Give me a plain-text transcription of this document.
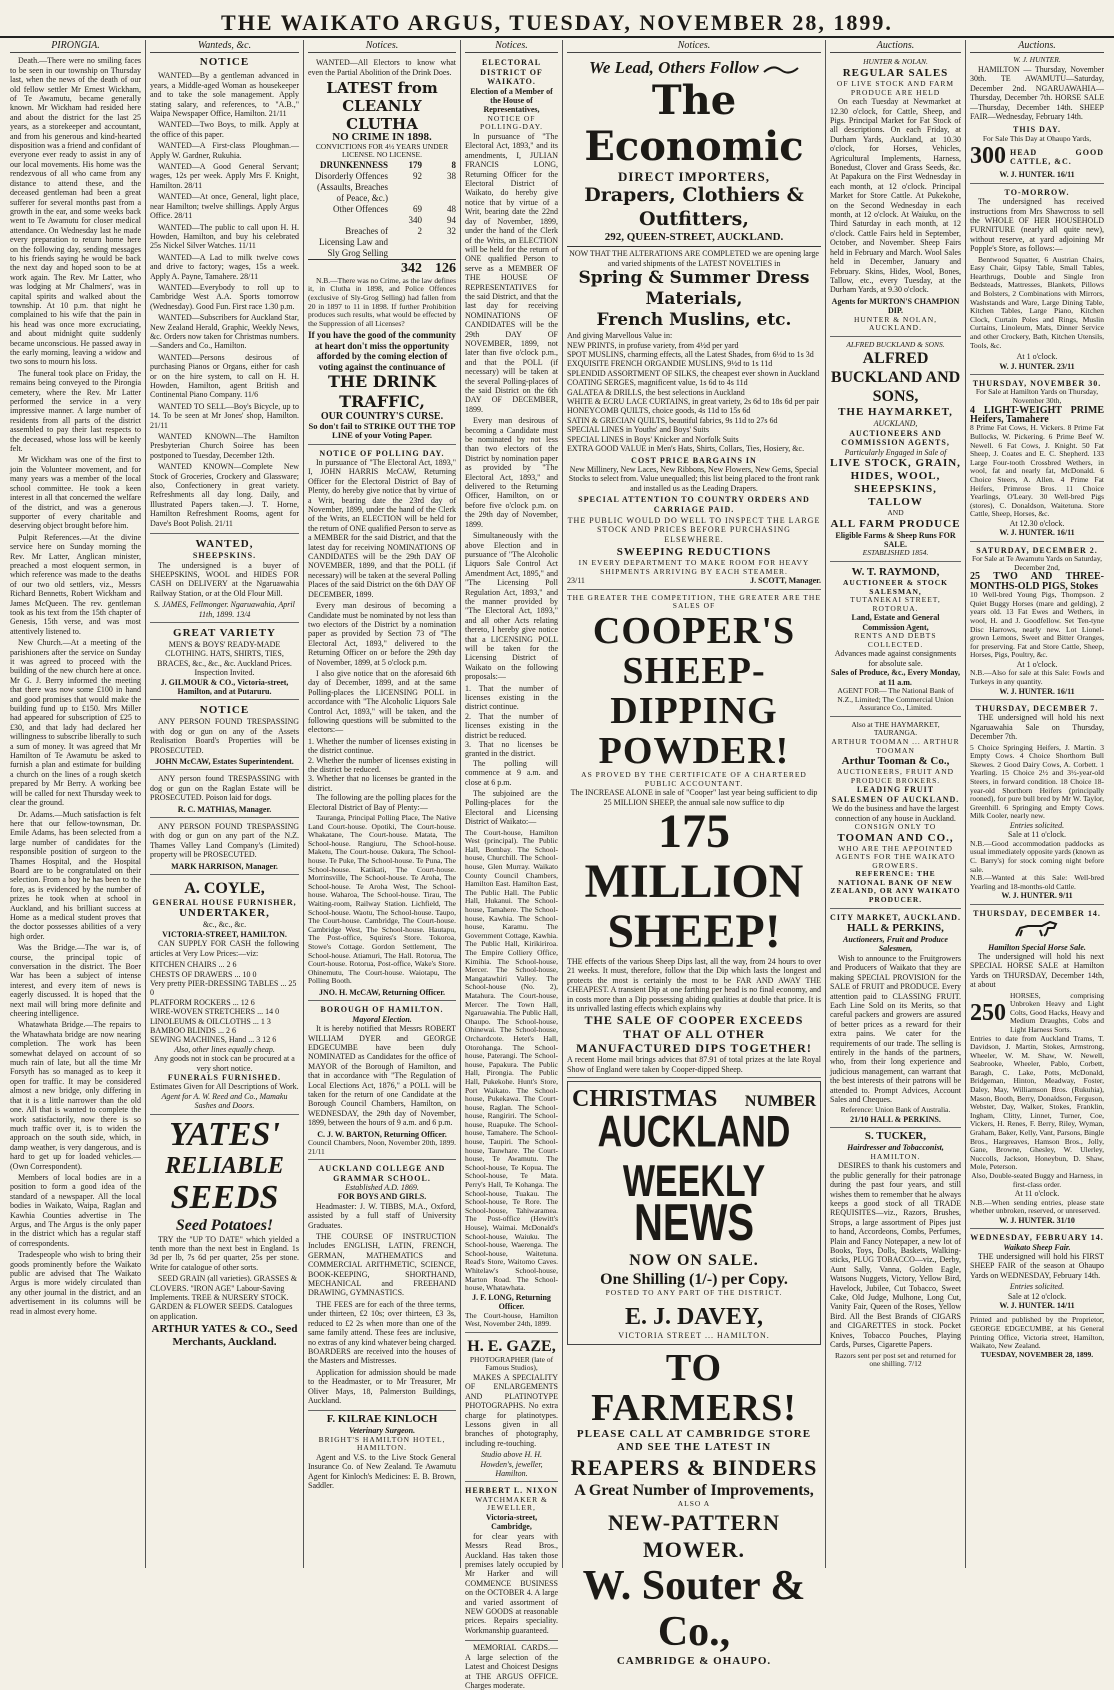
THE WAIKATO ARGUS, TUESDAY, NOVEMBER 28, 1899.
PIRONGIA.

Death.—There were no smiling faces to be seen in our township on Thursday last, when the news of the death of our old fellow settler Mr Ernest Wickham, of Te Awamutu, became generally known. Mr Wickham had resided here and about the district for the last 25 years, as a storekeeper and accountant, and from his generous and kind-hearted disposition was a friend and confidant of everyone ever ready to assist in any of our local movements. His home was the rendezvous of all who came from any distance to attend these, and the deceased gentleman had been a great sufferer for several months past from a growth in the ear, and some weeks back went to Te Awamutu for closer medical attendance. On Wednesday last he made every preparation to return home here on the following day, sending messages to his friends saying he would be back the next day and hoped soon to be at work again. The Rev. Mr Latter, who was lodging at Mr Chalmers', was in capital spirits and walked about the township. At 10 p.m. that night he complained to his wife that the pain in his head was once more excruciating, and about midnight quite suddenly became unconscious. He passed away in the early morning, leaving a widow and two sons to mourn his loss.

The funeral took place on Friday, the remains being conveyed to the Pirongia cemetery, where the Rev. Mr Latter performed the service in a very impressive manner. A large number of residents from all parts of the district assembled to pay their last respects to the deceased, whose loss will be keenly felt.

Mr Wickham was one of the first to join the Volunteer movement, and for many years was a member of the local school committee. He took a keen interest in all that concerned the welfare of the district, and was a generous supporter of every charitable and deserving object brought before him.

Pulpit References.—At the divine service here on Sunday morning the Rev. Mr Latter, Anglican minister, preached a most eloquent sermon, in which reference was made to the deaths of our two old settlers, viz., Messrs Richard Bennetts, Robert Wickham and James McQueen. The rev. gentleman took as his text from the 15th chapter of Genesis, 15th verse, and was most attentively listened to.

New Church.—At a meeting of the parishioners after the service on Sunday it was agreed to proceed with the building of the new church here at once. Mr G. J. Berry informed the meeting that there was now some £100 in hand and good promises that would make the building fund up to £150. Mrs Miller had appeared for subscription of £25 to £30, and that lady had declared her willingness to subscribe liberally to such a sum of money. It was agreed that Mr Hamilton of Te Awamutu be asked to furnish a plan and estimate for building a church on the lines of a rough sketch prepared by Mr Berry. A working bee will be called for next Thursday week to clear the ground.

Dr. Adams.—Much satisfaction is felt here that our fellow-townsman, Dr. Emile Adams, has been selected from a large number of candidates for the responsible position of surgeon to the Thames Hospital, and the Hospital Board are to be congratulated on their selection. From a boy he has been to the fore, as is evidenced by the number of prizes he took when at school in Auckland, and his brilliant success at Home as a medical student proves that the doctor possesses abilities of a very high order.

Was the Bridge.—The war is, of course, the principal topic of conversation in the district. The Boer War has been a subject of intense interest, and every item of news is eagerly discussed. It is hoped that the next mail will bring more definite and cheering intelligence.

Whatawhata Bridge.—The repairs to the Whatawhata bridge are now nearing completion. The work has been somewhat delayed on account of so much rain of late, but all the time Mr Forsyth has so managed as to keep it open for traffic. It may be considered almost a new bridge, only differing in that it is a little narrower than the old one. All that is wanted to complete the work satisfactorily, now there is so much traffic over it, is to widen the approach on the south side, which, in damp weather, is very dangerous, and is hard to get up for loaded vehicles.—(Own Correspondent).

Members of local bodies are in a position to form a good idea of the standard of a newspaper. All the local bodies in Waikato, Waipa, Raglan and Kawhia Counties advertise in The Argus, and The Argus is the only paper in the district which has a regular staff of correspondents.

Tradespeople who wish to bring their goods prominently before the Waikato public are advised that The Waikato Argus is more widely circulated than any other journal in the district, and an advertisement in its columns will be read in almost every home.

Wanteds, &c.
NOTICE

WANTED—By a gentleman advanced in years, a Middle-aged Woman as housekeeper and to take the sole management. Apply stating salary, and references, to "A.B.," Waipa Newspaper Office, Hamilton. 21/11

WANTED—Two Boys, to milk. Apply at the office of this paper.

WANTED—A First-class Ploughman.—Apply W. Gardner, Rukuhia.

WANTED—A Good General Servant; wages, 12s per week. Apply Mrs F. Knight, Hamilton. 28/11

WANTED—At once, General, light place, near Hamilton; twelve shillings. Apply Argus Office. 28/11

WANTED—The public to call upon H. H. Howden, Hamilton, and buy his celebrated 25s Nickel Silver Watches. 11/11

WANTED—A Lad to milk twelve cows and drive to factory; wages, 15s a week. Apply A. Payne, Tamahere. 28/11

WANTED—Everybody to roll up to Cambridge West A.A. Sports tomorrow (Wednesday). Good Fun. First race 1.30 p.m.

WANTED—Subscribers for Auckland Star, New Zealand Herald, Graphic, Weekly News, &c. Orders now taken for Christmas numbers.—Sanders and Co., Hamilton.

WANTED—Persons desirous of purchasing Pianos or Organs, either for cash or on the hire system, to call on H. H. Howden, Hamilton, agent British and Continental Piano Company. 11/6

WANTED TO SELL—Boy's Bicycle, up to 14. To be seen at Mr Jones' shop, Hamilton. 21/11

WANTED KNOWN—The Hamilton Presbyterian Church Soiree has been postponed to Tuesday, December 12th.

WANTED KNOWN—Complete New Stock of Groceries, Crockery and Glassware; also, Confectionery in great variety. Refreshments all day long. Daily, and Illustrated Papers taken.—J. T. Horne, Hamilton Refreshment Rooms, agent for Dave's Boot Polish. 21/11

WANTED,
SHEEPSKINS.

The undersigned is a buyer of SHEEPSKINS, WOOL and HIDES FOR CASH on DELIVERY at the Ngaruawahia Railway Station, or at the Old Flour Mill.

S. JAMES, Fellmonger. Ngaruawahia, April 11th, 1899. 13/4
GREAT VARIETY
MEN'S & BOYS' READY-MADE CLOTHING. HATS, SHIRTS, TIES, BRACES, &c., &c., &c. Auckland Prices. Inspection Invited.
J. GILMOUR & CO., Victoria-street, Hamilton, and at Putaruru.
NOTICE

ANY PERSON FOUND TRESPASSING with dog or gun on any of the Assets Realisation Board's Properties will be PROSECUTED.

JOHN McCAW, Estates Superintendent.

ANY person found TRESPASSING with dog or gun on the Raglan Estate will be PROSECUTED. Poison laid for dogs.

R. C. MATHIAS, Manager.

ANY PERSON FOUND TRESPASSING with dog or gun on any part of the N.Z. Thames Valley Land Company's (Limited) property will be PROSECUTED.

MARK HARRISON, Manager.
A. COYLE,
GENERAL HOUSE FURNISHER,
UNDERTAKER,
&c., &c., &c.
VICTORIA-STREET, HAMILTON.

CAN SUPPLY FOR CASH the following articles at Very Low Prices:—viz:

KITCHEN CHAIRS ... 2 6
CHESTS OF DRAWERS ... 10 0
Very pretty PIER-DRESSING TABLES ... 25 0
PLATFORM ROCKERS ... 12 6
WIRE-WOVEN STRETCHERS ... 14 0
LINOLEUMS & OILCLOTHS ... 1 3
BAMBOO BLINDS ... 2 6
SEWING MACHINES, Hand ... 3 12 6
Also, other lines equally cheap.
Any goods not in stock can be procured at a very short notice.
FUNERALS FURNISHED.
Estimates Given for All Descriptions of Work.
Agent for A. W. Reed and Co., Mamaku Sashes and Doors.
YATES'
RELIABLE
SEEDS
Seed Potatoes!

TRY the "UP TO DATE" which yielded a tenth more than the next best in England. 1s 3d per lb, 7s 6d per quarter, 25s per stone. Write for catalogue of other sorts.

SEED GRAIN (all varieties). GRASSES & CLOVERS. "IRON AGE" Labour-Saving Implements. TREE & NURSERY STOCK. GARDEN & FLOWER SEEDS. Catalogues on application.

ARTHUR YATES & CO., Seed Merchants, Auckland.
Notices.

WANTED—All Electors to know what even the Partial Abolition of the Drink Does.

LATEST from CLEANLY CLUTHA
NO CRIME IN 1898.
CONVICTIONS FOR 4½ YEARS UNDER LICENSE. NO LICENSE.
DRUNKENNESS	179	8
Disorderly Offences (Assaults, Breaches of Peace, &c.)
92	38
Other Offences	69	48
340	94
Breaches of Licensing Law and Sly Grog Selling
2	32
342 126

N.B.—There was no Crime, as the law defines it, in Clutha in 1898, and Police Offences (exclusive of Sly-Grog Selling) had fallen from 20 in 1897 to 11 in 1898. If further Prohibition produces such results, what would be effected by the Suppression of all Licenses?

If you have the good of the community at heart don't miss the opportunity afforded by the coming election of voting against the continuance of
THE DRINK TRAFFIC,
OUR COUNTRY'S CURSE.
So don't fail to STRIKE OUT THE TOP LINE of your Voting Paper.
NOTICE OF POLLING DAY.

In pursuance of "The Electoral Act, 1893," I, JOHN HARRIS McCAW, Returning Officer for the Electoral District of Bay of Plenty, do hereby give notice that by virtue of a Writ, bearing date the 23rd day of November, 1899, under the hand of the Clerk of the Writs, an ELECTION will be held for the return of ONE qualified Person to serve as a MEMBER for the said District, and that the latest day for receiving NOMINATIONS OF CANDIDATES will be the 29th DAY OF NOVEMBER, 1899, and that the POLL (if necessary) will be taken at the several Polling Places of the said District on the 6th DAY OF DECEMBER, 1899.

Every man desirous of becoming a Candidate must be nominated by not less than two electors of the District by a nomination paper as provided by Section 73 of "The Electoral Act, 1893," delivered to the Returning Officer on or before the 29th day of November, 1899, at 5 o'clock p.m.

I also give notice that on the aforesaid 6th day of December, 1899, and at the same Polling-places the LICENSING POLL in accordance with "The Alcoholic Liquors Sale Control Act, 1893," will be taken, and the following questions will be submitted to the electors:—

1. Whether the number of licenses existing in the district continue.
2. Whether the number of licenses existing in the district be reduced.
3. Whether that no licenses be granted in the district.

The following are the polling places for the Electoral District of Bay of Plenty:—

Tauranga, Principal Polling Place, The Native Land Court-house. Opotiki, The Court-house. Whakatane, The Court-house. Matata, The School-house. Rangiuru, The School-house. Maketu, The Court-house. Oakura, The School-house. Te Puke, The School-house. Te Puna, The School-house. Katikati, The Court-house. Morrinsville, The School-house. Te Aroha, The School-house. Te Aroha West, The School-house. Waharoa, The School-house. Tirau, The Waiting-room, Railway Station. Lichfield, The School-house. Waotu, The School-house. Taupo, The Court-house. Cambridge, The Court-house. Cambridge West, The School-house. Hautapu, The Post-office, Squires's Store. Tokoroa, Stowe's Cottage. Gordon Settlement, The School-house. Atiamuri, The Hall. Rotorua, The Court-house. Rotorua, Post-office, Wake's Store. Ohinemutu, The Court-house. Waiotapu, The Polling Booth.

JNO. H. McCAW, Returning Officer.
BOROUGH OF HAMILTON.
Mayoral Election.

It is hereby notified that Messrs ROBERT WILLIAM DYER and GEORGE EDGECUMBE have been duly NOMINATED as Candidates for the office of MAYOR of the Borough of Hamilton, and that in accordance with "The Regulation of Local Elections Act, 1876," a POLL will be taken for the return of one Candidate at the Borough Council Chambers, Hamilton, on WEDNESDAY, the 29th day of November, 1899, between the hours of 9 a.m. and 6 p.m.

C. J. W. BARTON, Returning Officer.
Council Chambers, Noon, November 20th, 1899. 21/11
AUCKLAND COLLEGE AND GRAMMAR SCHOOL.
Established A.D. 1869.
FOR BOYS AND GIRLS.

Headmaster: J. W. TIBBS, M.A., Oxford, assisted by a full staff of University Graduates.

THE COURSE OF INSTRUCTION Includes ENGLISH, LATIN, FRENCH, GERMAN, MATHEMATICS and COMMERCIAL ARITHMETIC, SCIENCE, BOOK-KEEPING, SHORTHAND, MECHANICAL and FREEHAND DRAWING, GYMNASTICS.

THE FEES are for each of the three terms, under thirteen, £2 10s; over thirteen, £3 3s, reduced to £2 2s when more than one of the same family attend. These fees are inclusive, no extras of any kind whatever being charged. BOARDERS are received into the houses of the Masters and Mistresses.

Application for admission should be made to the Headmaster, or to Mr Treasurer, Mr Oliver Mays, 18, Palmerston Buildings, Auckland.

F. KILRAE KINLOCH
Veterinary Surgeon.
BRIGHT'S HAMILTON HOTEL, HAMILTON.

Agent and V.S. to the Live Stock General Insurance Co. of New Zealand. Te Awamutu Agent for Kinloch's Medicines: E. B. Brown, Saddler.

Notices.
ELECTORAL DISTRICT OF WAIKATO.
Election of a Member of the House of Representatives,
NOTICE OF POLLING-DAY.

In pursuance of "The Electoral Act, 1893," and its amendments, I, JULIAN FRANCIS LONG, Returning Officer for the Electoral District of Waikato, do hereby give notice that by virtue of a Writ, bearing date the 22nd day of November, 1899, under the hand of the Clerk of the Writs, an ELECTION will be held for the return of ONE qualified Person to serve as a MEMBER OF THE HOUSE OF REPRESENTATIVES for the said District, and that the last day for receiving NOMINATIONS OF CANDIDATES will be the 29th DAY OF NOVEMBER, 1899, not later than five o'clock p.m., and that the POLL (if necessary) will be taken at the several Polling-places of the said District on the 6th DAY OF DECEMBER, 1899.

Every man desirous of becoming a Candidate must be nominated by not less than two electors of the District by nomination paper as provided by "The Electoral Act, 1893," and delivered to the Returning Officer, Hamilton, on or before five o'clock p.m. on the 29th day of November, 1899.

Simultaneously with the above Election and in pursuance of "The Alcoholic Liquors Sale Control Act Amendment Act, 1895," and "The Licensing Poll Regulation Act, 1893," and the manner provided by "The Electoral Act, 1893," and all other Acts relating thereto, I hereby give notice that a LICENSING POLL will be taken for the Licensing District of Waikato on the following proposals:—

1. That the number of licenses existing in the district continue.
2. That the number of licenses existing in the district be reduced.
3. That no licenses be granted in the district.

The polling will commence at 9 a.m. and close at 6 p.m.

The subjoined are the Polling-places for the Electoral and Licensing District of Waikato:—

The Court-house, Hamilton West (principal). The Public Hall, Bombay. The School-house, Churchill. The School-house, Glen Murray. Waikato County Council Chambers, Hamilton East. Hamilton East, The Public Hall. The Public Hall, Hukanui. The School-house, Tamahere. The School-house, Kawhia. The School-house, Karamu. The Government Cottage, Kawhia. The Public Hall, Kirikiriroa. The Empire Colliery Office, Kimihia. The School-house, Mercer. The School-house, Mangatawhiri Valley. The School-house (No. 2), Matahura. The Court-house, Mercer. The Town Hall, Ngaruawahia. The Public Hall, Ohaupo. The School-house, Ohinewai. The School-house, Orchardcote. Hetet's Hall, Otorohanga. The School-house, Paterangi. The School-house, Papakura. The Public Hall, Pirongia. The Public Hall, Pukekohe. Hunt's Store, Port Waikato. The School-house, Pukekawa. The Court-house, Raglan. The School-house, Rangiriri. The School-house, Ruapuke. The School-house, Tamahere. The School-house, Taupiri. The School-house, Tauwhare. The Court-house, Te Awamutu. The School-house, Te Kopua. The School-house, Te Mata. Perry's Hall, Te Kohanga. The School-house, Tuakau. The School-house, Te Rore. The School-house, Tahiwaramea. The Post-office (Hewitt's House), Waimai. McDonald's School-house, Waiuku. The School-house, Waerenga. The School-house, Waitetuna. Read's Store, Waitomo Caves. Whitelaw's School-house, Marton Road. The School-house, Whatawhata.

J. F. LONG, Returning Officer.
The Court-house, Hamilton West, November 24th, 1899.
H. E. GAZE,
PHOTOGRAPHER (late of Famous Studios),

MAKES A SPECIALITY OF ENLARGEMENTS AND PLATINOTYPE PHOTOGRAPHS. No extra charge for platinotypes. Lessons given in all branches of photography, including re-touching.

Studio above H. H. Howden's, jeweller, Hamilton.
HERBERT L. NIXON
WATCHMAKER & JEWELLER,
Victoria-street, Cambridge,

for clear years with Messrs Read Bros., Auckland. Has taken those premises lately occupied by Mr Harker and will COMMENCE BUSINESS on the OCTOBER 4. A large and varied assortment of NEW GOODS at reasonable prices. Repairs speciality. Workmanship guaranteed.

MEMORIAL CARDS.—A large selection of the Latest and Choicest Designs at THE ARGUS OFFICE. Charges moderate.

Notices.
We Lead, Others Follow
The Economic
DIRECT IMPORTERS,
Drapers, Clothiers & Outfitters,
292, QUEEN-STREET, AUCKLAND.

NOW THAT THE ALTERATIONS ARE COMPLETED we are opening large and varied shipments of the LATEST NOVELTIES in

Spring & Summer Dress Materials,
French Muslins, etc.
And giving Marvellous Value in:
NEW PRINTS, in profuse variety, from 4½d per yard
SPOT MUSLINS, charming effects, all the Latest Shades, from 6½d to 1s 3d
EXQUISITE FRENCH ORGANDIE MUSLINS, 9½d to 1s 11d
SPLENDID ASSORTMENT OF SILKS, the cheapest ever shown in Auckland
COATING SERGES, magnificent value, 1s 6d to 4s 11d
GALATEA & DRILLS, the best selections in Auckland
WHITE & ECRU LACE CURTAINS, in great variety, 2s 6d to 18s 6d per pair
HONEYCOMB QUILTS, choice goods, 4s 11d to 15s 6d
SATIN & GRECIAN QUILTS, beautiful fabrics, 9s 11d to 27s 6d
SPECIAL LINES in Youths' and Boys' Suits
SPECIAL LINES in Boys' Knicker and Norfolk Suits
EXTRA GOOD VALUE in Men's Hats, Shirts, Collars, Ties, Hosiery, &c.
COST PRICE BARGAINS IN

New Millinery, New Laces, New Ribbons, New Flowers, New Gems, Special Stocks to select from. Value unequalled; this list being placed to the front rank and installed us as the Leading Drapers.

SPECIAL ATTENTION TO COUNTRY ORDERS AND CARRIAGE PAID.
THE PUBLIC WOULD DO WELL TO INSPECT THE LARGE STOCK AND PRICES BEFORE PURCHASING ELSEWHERE.
SWEEPING REDUCTIONS
IN EVERY DEPARTMENT TO MAKE ROOM FOR HEAVY SHIPMENTS ARRIVING BY EACH STEAMER.
23/11	J. SCOTT, Manager.
THE GREATER THE COMPETITION, THE GREATER ARE THE SALES OF
COOPER'S
SHEEP-DIPPING
POWDER!
AS PROVED BY THE CERTIFICATE OF A CHARTERED PUBLIC ACCOUNTANT.

The INCREASE ALONE in sale of "Cooper" last year being sufficient to dip 25 MILLION SHEEP, the annual sale now suffice to dip

175 MILLION
SHEEP!

THE effects of the various Sheep Dips last, all the way, from 24 hours to over 21 weeks. It must, therefore, follow that the Dip which lasts the longest and protects the most is certainly the most to be FAR AND AWAY THE CHEAPEST. A transient Dip at one farthing per head is no final economy, and in costs more than a Dip possessing abiding qualities at double that price. It is its unrivalled lasting effects which explains why

THE SALE OF COOPER EXCEEDS THAT OF ALL OTHER MANUFACTURED DIPS TOGETHER!

A recent Home mail brings advices that 87.91 of total prizes at the late Royal Show of England were taken by Cooper-dipped Sheep.

CHRISTMAS NUMBER
AUCKLAND WEEKLY
NEWS
NOW ON SALE.
One Shilling (1/-) per Copy.
POSTED TO ANY PART OF THE DISTRICT.
E. J. DAVEY,
VICTORIA STREET ... HAMILTON.
TO FARMERS!
PLEASE CALL AT CAMBRIDGE STORE AND SEE THE LATEST IN
REAPERS & BINDERS
A Great Number of Improvements,
ALSO A
NEW-PATTERN MOWER.
W. Souter & Co.,
CAMBRIDGE & OHAUPO.
Auctions.
HUNTER & NOLAN.
REGULAR SALES
OF LIVE STOCK AND FARM PRODUCE ARE HELD

On each Tuesday at Newmarket at 12.30 o'clock, for Cattle, Sheep, and Pigs. Principal Market for Fat Stock of all descriptions. On each Friday, at Durham Yards, Auckland, at 10.30 o'clock, for Horses, Vehicles, Agricultural Implements, Harness, Bonedust, Clover and Grass Seeds, &c. At Papakura on the First Wednesday in each month, at 12 o'clock. Principal Market for Store Cattle. At Pukekohe, on the Second Wednesday in each month, at 12 o'clock. At Waiuku, on the Third Saturday in each month, at 12 o'clock. Cattle Fairs held in September, October, and November. Sheep Fairs held in February and March. Wool Sales held in December, January and February. Skins, Hides, Wool, Bones, Tallow, etc., every Tuesday, at the Durham Yards, at 9.30 o'clock.

Agents for MURTON'S CHAMPION DIP.
HUNTER & NOLAN, AUCKLAND.
ALFRED BUCKLAND & SONS.
ALFRED BUCKLAND AND SONS,
THE HAYMARKET,
AUCKLAND,
AUCTIONEERS AND COMMISSION AGENTS,
Particularly Engaged in Sale of
LIVE STOCK, GRAIN,
HIDES, WOOL,
SHEEPSKINS, TALLOW
AND
ALL FARM PRODUCE
Eligible Farms & Sheep Runs FOR SALE.
ESTABLISHED 1854.
W. T. RAYMOND,
AUCTIONEER & STOCK SALESMAN,
TUTANEKAI STREET, ROTORUA.
Land, Estate and General Commission Agent,
RENTS AND DEBTS COLLECTED.
Advances made against consignments for absolute sale.
Sales of Produce, &c., Every Monday, at 11 a.m.
AGENT FOR— The National Bank of N.Z., Limited; The Commercial Union Assurance Co., Limited.
Also at THE HAYMARKET, TAURANGA.
ARTHUR TOOMAN ... ARTHUR TOOMAN
Arthur Tooman & Co.,
AUCTIONEERS, FRUIT AND PRODUCE BROKERS.
LEADING FRUIT SALESMEN OF AUCKLAND.
We do the business and have the largest connection of any house in Auckland.
CONSIGN ONLY TO
TOOMAN AND CO.,
WHO ARE THE APPOINTED AGENTS FOR THE WAIKATO GROWERS.
REFERENCE: THE NATIONAL BANK OF NEW ZEALAND, OR ANY WAIKATO PRODUCER.
CITY MARKET, AUCKLAND.
HALL & PERKINS,
Auctioneers, Fruit and Produce Salesmen,

Wish to announce to the Fruitgrowers and Producers of Waikato that they are making SPECIAL PROVISION for the SALE of FRUIT and PRODUCE. Every attention paid to CLASSING FRUIT. Each Line Sold on its Merits, so that careful packers and growers are assured of better prices as a reward for their extra pains. We cater for the requirements of our trade. The selling is entirely in the hands of the partners, who, from their long experience and judicious management, can warrant that the best interests of their patrons will be attended to. Prompt Advices, Account Sales and Cheques.

Reference: Union Bank of Australia.
21/10 HALL & PERKINS.
S. TUCKER,
Hairdresser and Tobacconist,
HAMILTON.

DESIRES to thank his customers and the public generally for their patronage during the past four years, and still wishes them to remember that he always keeps a good stock of all TRADE REQUISITES—viz., Razors, Brushes, Strops, a large assortment of Pipes just to hand, Accordeons, Combs, Perfumes, Plain and Fancy Notepaper, a new lot of Books, Toys, Dolls, Baskets, Walking-sticks, PLUG TOBACCO—viz., Derby, Aunt Sally, Vanna, Golden Eagle, Watsons Nuggets, Victory, Yellow Bird, Havelock, Jubilee, Cut Tobacco, Sweet Cake, Old Judge, Mulhone, Long Cut, Vanity Fair, Queen of the Roses, Yellow Bird. All the Best Brands of CIGARS and CIGARETTES in stock. Pocket Knives, Tobacco Pouches, Playing Cards, Purses, Cigarette Papers.

Razors sent per post set and returned for one shilling. 7/12
Auctions.
W. J. HUNTER.

HAMILTON — Thursday, November 30th. TE AWAMUTU—Saturday, December 2nd. NGARUAWAHIA—Thursday, December 7th. HORSE SALE—Thursday, December 14th. SHEEP FAIR—Wednesday, February 14th.

THIS DAY.
For Sale This Day at Ohaupo Yards,
300 HEAD GOOD CATTLE, &C.
W. J. HUNTER. 16/11
TO-MORROW.

The undersigned has received instructions from Mrs Shawcross to sell the WHOLE OF HER HOUSEHOLD FURNITURE (nearly all quite new), without reserve, at yard adjoining Mr Popple's Store, as follows:—

Bentwood Squatter, 6 Austrian Chairs, Easy Chair, Gipsy Table, Small Tables, Hearthrugs, Double and Single Iron Bedsteads, Mattresses, Blankets, Pillows and Bolsters, 2 Combinations with Mirrors, Washstands and Ware, Large Dining Table, Kitchen Tables, Large Piano, Kitchen Clock, Curtain Poles and Rings, Muslin Curtains, Linoleum, Mats, Dinner Service and other Crockery, Bath, Kitchen Utensils, Tools, &c.

At 1 o'clock.
W. J. HUNTER. 23/11
THURSDAY, NOVEMBER 30.
For Sale at Hamilton Yards on Thursday, November 30th,
4 LIGHT-WEIGHT PRIME Heifers, Tamahere

8 Prime Fat Cows, H. Vickers. 8 Prime Fat Bullocks, W. Pickering. 6 Prime Beef W. Newell. 6 Fat Cows, J. Knight. 50 Fat Sheep, J. Coates and E. C. Shepherd. 133 Large Four-tooth Crossbred Wethers, in wool, fat and nearly fat, McDonald. 6 Choice Steers, A. Allen. 4 Prime Fat Heifers, Primrose Bros. 11 Choice Yearlings, O'Leary. 30 Well-bred Pigs (stores), C. Donaldson, Waitetuna. Store Cattle, Sheep, Horses, &c.

At 12.30 o'clock.
W. J. HUNTER. 16/11
SATURDAY, DECEMBER 2.
For Sale at Te Awamutu Yards on Saturday, December 2nd,
25 TWO AND THREE-MONTHS-OLD PIGS, Stokes

10 Well-bred Young Pigs, Thompson. 2 Quiet Buggy Horses (mare and gelding), 2 years old. 13 Fat Ewes and Wethers, in wool, H. and J. Goodfellow. Set Ten-tyne Disc Harrows, nearly new. Lot Lionel-grown Lemons, Sweet and Bitter Oranges, for preserving. Fat and Store Cattle, Sheep, Horses, Pigs, Poultry, &c.

At 1 o'clock.
N.B.—Also for sale at this Sale: Fowls and Turkeys in any quantity.
W. J. HUNTER. 16/11
THURSDAY, DECEMBER 7.

THE undersigned will hold his next Ngaruawahia Sale on Thursday, December 7th.

5 Choice Springing Heifers, J. Martin. 3 Empty Cows. 4 Choice Shorthorn Bull Skewes. 2 Good Dairy Cows, A. Corbett. 1 Yearling. 15 Choice 2½ and 3½-year-old Steers, in forward condition. 18 Choice 18-year-old Shorthorn Heifers (principally rooned), for pure bull bred by Mr W. Taylor, Greenhill. 6 Springing and Empty Cows. Milk Cooler, nearly new.

Entries solicited.
Sale at 11 o'clock.

N.B.—Good accommodation paddocks as usual immediately opposite yards (known as C. Barry's) for stock coming night before sale.

N.B.—Wanted at this Sale: Well-bred Yearling and 18-months-old Cattle.

W. J. HUNTER. 9/11
THURSDAY, DECEMBER 14.
Hamilton Special Horse Sale.

The undersigned will hold his next SPECIAL HORSE SALE at Hamilton Yards on THURSDAY, December 14th, at about

250
HORSES, comprising Unbroken Heavy and Light Colts, Good Hacks, Heavy and Medium Draughts, Cobs and Light Harness Sorts.

Entries to date from Auckland Trams, T. Davidson, J. Martin, Stokes, Armstrong, Wheeler, W. M. Shaw, W. Newell, Seabrooke, Wheeler, Pablo, Corbett, Baragh, C. Lake, Potts, McDonald, Bridgeman, Hinton, Meadway, Foster, Daley, May, Williamson Bros. (Rukuhia), Mason, Booth, Berry, Donaldson, Ferguson, Webster, Day, Walker, Stokes, Franklin, Ingham, Clitty, Linnet, Turner, Coe, Vickers, H. Renes, F. Berry, Riley, Wyman, Graham, Baker, Kelly, Vant, Parsons, Bingle Bros., Hargreaves, Hamson Bros., Jolly, Gane, Browne, Ghesley, W. Ulerley, Nuccolls, Jackson, Honeybun, D. Shaw, Mole, Peterson.

Also, Double-seated Buggy and Harness, in first-class order.
At 11 o'clock.

N.B.—When sending entries, please state whether unbroken, reserved, or unreserved.

W. J. HUNTER. 31/10
WEDNESDAY, FEBRUARY 14.
Waikato Sheep Fair.

THE undersigned will hold his FIRST SHEEP FAIR of the season at Ohaupo Yards on WEDNESDAY, February 14th.

Entries solicited.
Sale at 12 o'clock.
W. J. HUNTER. 14/11

Printed and published by the Proprietor, GEORGE EDGECUMBE, at his General Printing Office, Victoria street, Hamilton, Waikato, New Zealand.

TUESDAY, NOVEMBER 28, 1899.
